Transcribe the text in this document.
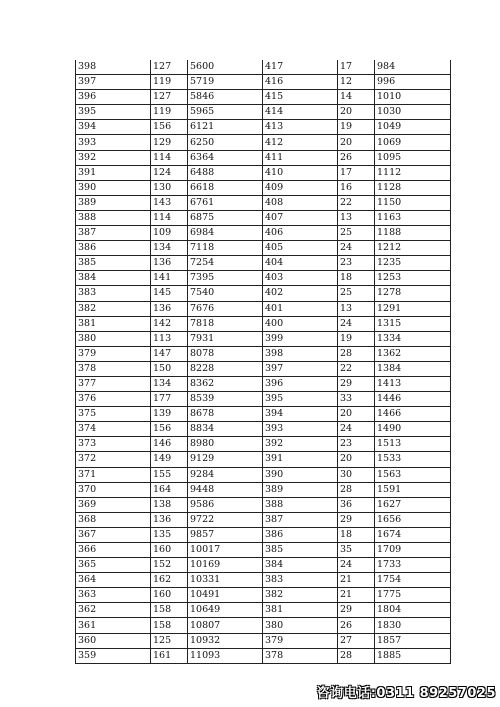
398	127	5600	417	17	984
397	119	5719	416	12	996
396	127	5846	415	14	1010
395	119	5965	414	20	1030
394	156	6121	413	19	1049
393	129	6250	412	20	1069
392	114	6364	411	26	1095
391	124	6488	410	17	1112
390	130	6618	409	16	1128
389	143	6761	408	22	1150
388	114	6875	407	13	1163
387	109	6984	406	25	1188
386	134	7118	405	24	1212
385	136	7254	404	23	1235
384	141	7395	403	18	1253
383	145	7540	402	25	1278
382	136	7676	401	13	1291
381	142	7818	400	24	1315
380	113	7931	399	19	1334
379	147	8078	398	28	1362
378	150	8228	397	22	1384
377	134	8362	396	29	1413
376	177	8539	395	33	1446
375	139	8678	394	20	1466
374	156	8834	393	24	1490
373	146	8980	392	23	1513
372	149	9129	391	20	1533
371	155	9284	390	30	1563
370	164	9448	389	28	1591
369	138	9586	388	36	1627
368	136	9722	387	29	1656
367	135	9857	386	18	1674
366	160	10017	385	35	1709
365	152	10169	384	24	1733
364	162	10331	383	21	1754
363	160	10491	382	21	1775
362	158	10649	381	29	1804
361	158	10807	380	26	1830
360	125	10932	379	27	1857
359	161	11093	378	28	1885
咨询电话:0311 89257025
